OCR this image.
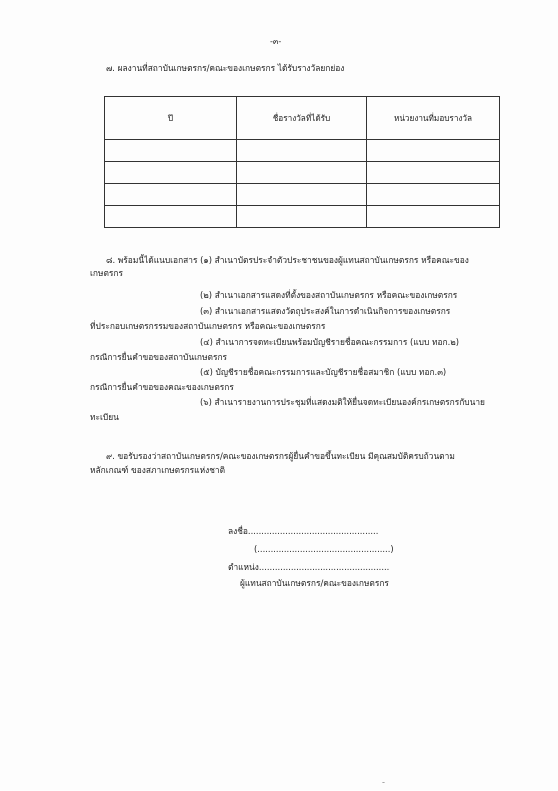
-๓-
๗. ผลงานที่สถาบันเกษตรกร/คณะของเกษตรกร ได้รับรางวัลยกย่อง
ปี	ชื่อรางวัลที่ได้รับ	หน่วยงานที่มอบรางวัล

๘. พร้อมนี้ได้แนบเอกสาร (๑) สำเนาบัตรประจำตัวประชาชนของผู้แทนสถาบันเกษตรกร หรือคณะของ
เกษตรกร
(๒) สำเนาเอกสารแสดงที่ตั้งของสถาบันเกษตรกร หรือคณะของเกษตรกร
(๓) สำเนาเอกสารแสดงวัตถุประสงค์ในการดำเนินกิจการของเกษตรกร
ที่ประกอบเกษตรกรรมของสถาบันเกษตรกร หรือคณะของเกษตรกร
(๔) สำเนาการจดทะเบียนพร้อมบัญชีรายชื่อคณะกรรมการ (แบบ ทอก.๒)
กรณีการยื่นคำขอของสถาบันเกษตรกร
(๕) บัญชีรายชื่อคณะกรรมการและบัญชีรายชื่อสมาชิก (แบบ ทอก.๓)
กรณีการยื่นคำขอของคณะของเกษตรกร
(๖) สำเนารายงานการประชุมที่แสดงมติให้ยื่นจดทะเบียนองค์กรเกษตรกรกับนาย
ทะเบียน
๙. ขอรับรองว่าสถาบันเกษตรกร/คณะของเกษตรกรผู้ยื่นคำขอขึ้นทะเบียน มีคุณสมบัติครบถ้วนตาม
หลักเกณฑ์ ของสภาเกษตรกรแห่งชาติ
ลงชื่อ.................................................
(..................................................)
ตำแหน่ง.................................................
ผู้แทนสถาบันเกษตรกร/คณะของเกษตรกร
˜
